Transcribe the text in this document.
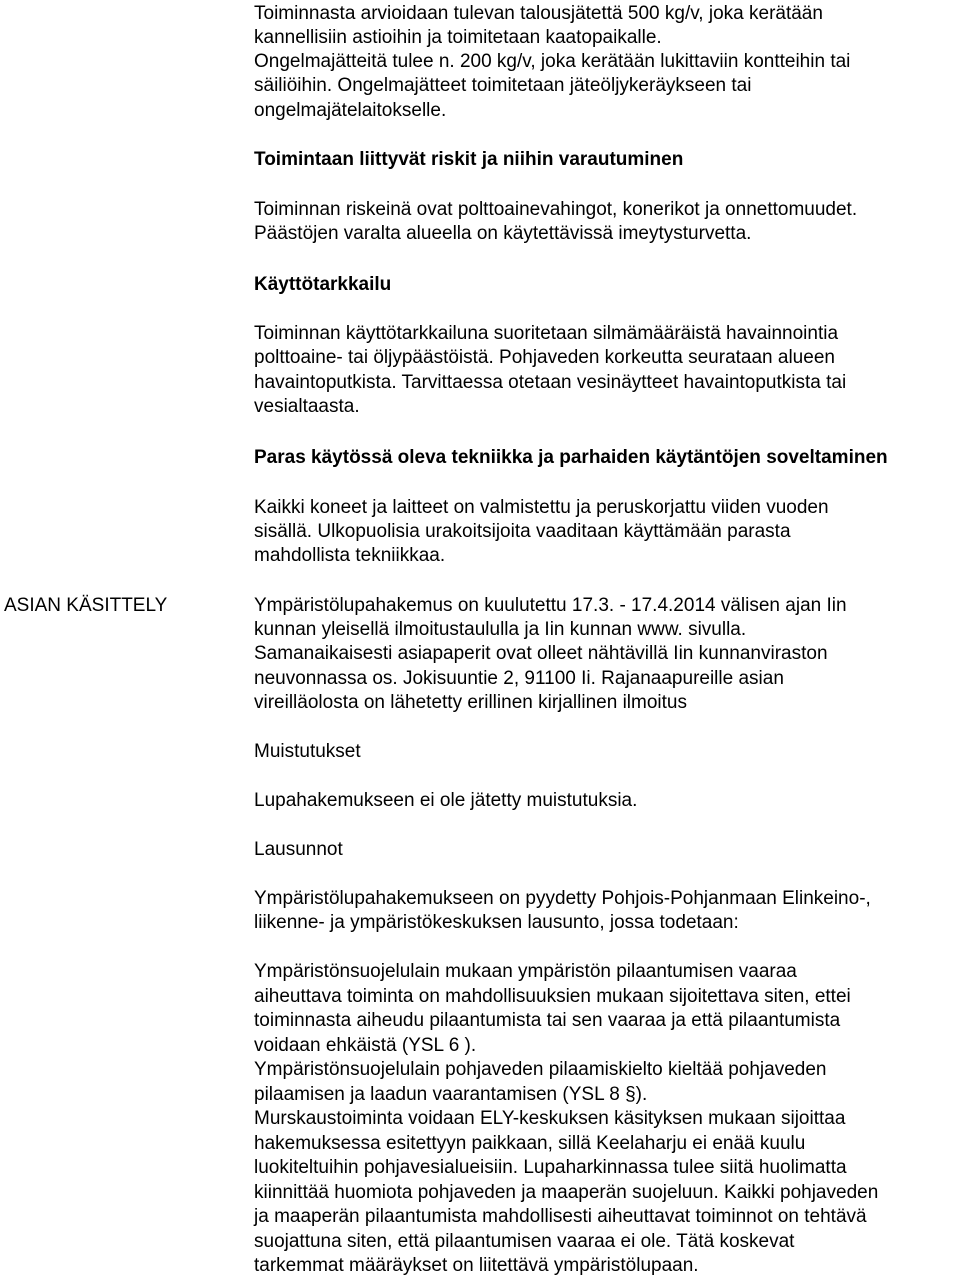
Toiminnasta arvioidaan tulevan talousjätettä 500 kg/v, joka kerätään
kannellisiin astioihin ja toimitetaan kaatopaikalle.
Ongelmajätteitä tulee n. 200 kg/v, joka kerätään lukittaviin kontteihin tai
säiliöihin. Ongelmajätteet toimitetaan jäteöljykeräykseen tai
ongelmajätelaitokselle.
Toimintaan liittyvät riskit ja niihin varautuminen
Toiminnan riskeinä ovat polttoainevahingot, konerikot ja onnettomuudet.
Päästöjen varalta alueella on käytettävissä imeytysturvetta.
Käyttötarkkailu
Toiminnan käyttötarkkailuna suoritetaan silmämääräistä havainnointia
polttoaine- tai öljypäästöistä. Pohjaveden korkeutta seurataan alueen
havaintoputkista. Tarvittaessa otetaan vesinäytteet havaintoputkista tai
vesialtaasta.
Paras käytössä oleva tekniikka ja parhaiden käytäntöjen soveltaminen
Kaikki koneet ja laitteet on valmistettu ja peruskorjattu viiden vuoden
sisällä. Ulkopuolisia urakoitsijoita vaaditaan käyttämään parasta
mahdollista tekniikkaa.
ASIAN KÄSITTELY	Ympäristölupahakemus on kuulutettu 17.3. - 17.4.2014 välisen ajan Iin
kunnan yleisellä ilmoitustaululla ja Iin kunnan www. sivulla.
Samanaikaisesti asiapaperit ovat olleet nähtävillä Iin kunnanviraston
neuvonnassa os. Jokisuuntie 2, 91100 Ii. Rajanaapureille asian
vireilläolosta on lähetetty erillinen kirjallinen ilmoitus
Muistutukset
Lupahakemukseen ei ole jätetty muistutuksia.
Lausunnot
Ympäristölupahakemukseen on pyydetty Pohjois-Pohjanmaan Elinkeino-,
liikenne- ja ympäristökeskuksen lausunto, jossa todetaan:
Ympäristönsuojelulain mukaan ympäristön pilaantumisen vaaraa
aiheuttava toiminta on mahdollisuuksien mukaan sijoitettava siten, ettei
toiminnasta aiheudu pilaantumista tai sen vaaraa ja että pilaantumista
voidaan ehkäistä (YSL 6 ).
Ympäristönsuojelulain pohjaveden pilaamiskielto kieltää pohjaveden
pilaamisen ja laadun vaarantamisen (YSL 8 §).
Murskaustoiminta voidaan ELY-keskuksen käsityksen mukaan sijoittaa
hakemuksessa esitettyyn paikkaan, sillä Keelaharju ei enää kuulu
luokiteltuihin pohjavesialueisiin. Lupaharkinnassa tulee siitä huolimatta
kiinnittää huomiota pohjaveden ja maaperän suojeluun. Kaikki pohjaveden
ja maaperän pilaantumista mahdollisesti aiheuttavat toiminnot on tehtävä
suojattuna siten, että pilaantumisen vaaraa ei ole. Tätä koskevat
tarkemmat määräykset on liitettävä ympäristölupaan.
